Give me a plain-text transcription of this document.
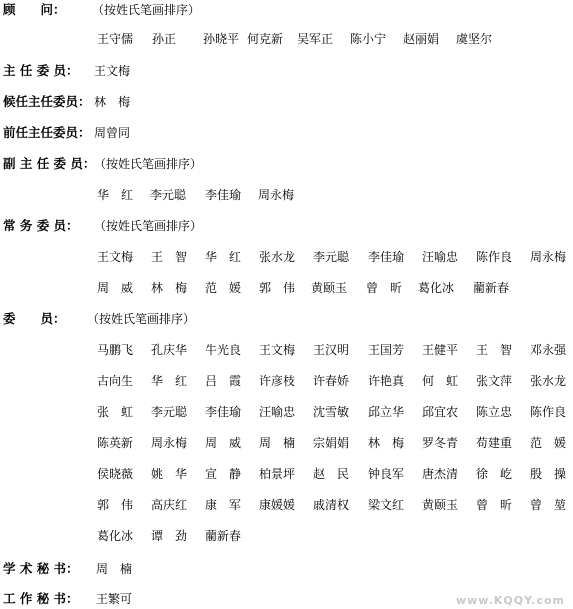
顾　　问： （按姓氏笔画排序）
王守儒 孙正 孙晓平 何克新 吴军正 陈小宁 赵丽娟 虞坚尔
主 任 委 员： 王文梅
候任主任委员： 林　梅
前任主任委员： 周曾同
副 主 任 委 员：
（按姓氏笔画排序）
华　红 李元聪 李佳瑜 周永梅
常 务 委 员： （按姓氏笔画排序）
王文梅 王　智 华　红 张水龙 李元聪 李佳瑜 汪喻忠 陈作良 周永梅
周　威 林　梅 范　媛 郭　伟 黄颐玉 曾　昕 葛化冰 藺新春
委　　员： （按姓氏笔画排序）
马鹏飞 孔庆华 牛光良 王文梅 王汉明 王国芳 王健平 王　智 邓永强
古向生 华　红 吕　霞 许彦枝 许春娇 许艳真 何　虹 张文萍 张水龙
张　虹 李元聪 李佳瑜 汪喻忠 沈雪敏 邱立华 邱宜农 陈立忠 陈作良
陈英新 周永梅 周　威 周　楠 宗娟娟 林　梅 罗冬青 苟建重 范　媛
侯晓薇 姚　华 宣　静 柏景坪 赵　民 钟良军 唐杰清 徐　屹 殷　操
郭　伟 高庆红 康　军 康媛媛 戚清权 梁文红 黄颐玉 曾　昕 曾　堃
葛化冰 谭　劲 藺新春
学 术 秘 书： 周　楠
工 作 秘 书： 王繁可	www.KQQY.com
